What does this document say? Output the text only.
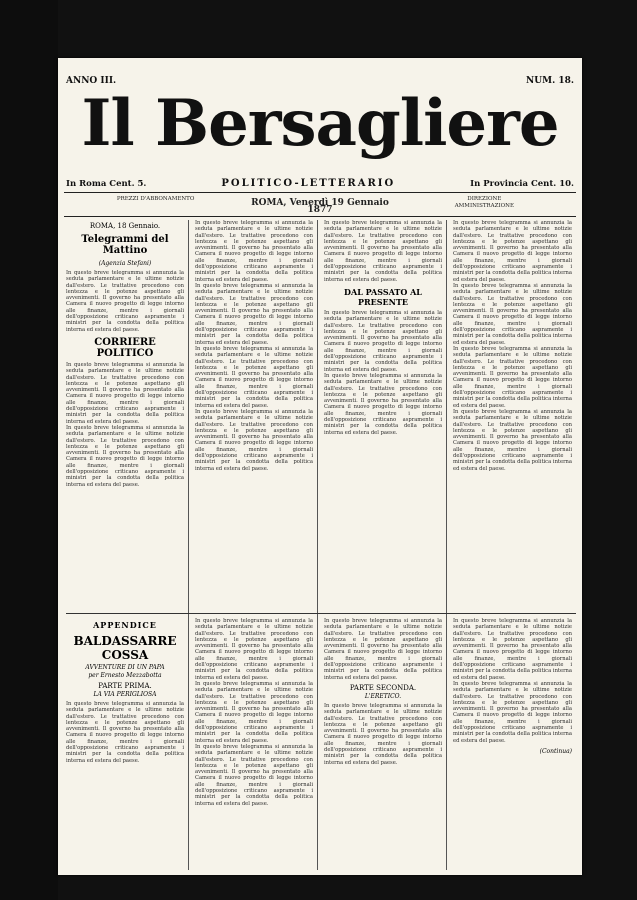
ANNO III.	NUM. 18.
Il Bersagliere
In Roma Cent. 5.	POLITICO-LETTERARIO	In Provincia Cent. 10.
PREZZI D'ABBONAMENTO	ROMA, Venerdì 19 Gennaio 1877
DIREZIONE
AMMINISTRAZIONE
ROMA, 18 Gennaio.
Telegrammi del Mattino
(Agenzia Stefani)

In questo breve telegramma si annunzia la seduta parlamentare e le ultime notizie dall'estero. Le trattative procedono con lentezza e le potenze aspettano gli avvenimenti. Il governo ha presentato alla Camera il nuovo progetto di legge intorno alle finanze, mentre i giornali dell'opposizione criticano aspramente i ministri per la condotta della politica interna ed estera del paese.

CORRIERE POLITICO

In questo breve telegramma si annunzia la seduta parlamentare e le ultime notizie dall'estero. Le trattative procedono con lentezza e le potenze aspettano gli avvenimenti. Il governo ha presentato alla Camera il nuovo progetto di legge intorno alle finanze, mentre i giornali dell'opposizione criticano aspramente i ministri per la condotta della politica interna ed estera del paese.

In questo breve telegramma si annunzia la seduta parlamentare e le ultime notizie dall'estero. Le trattative procedono con lentezza e le potenze aspettano gli avvenimenti. Il governo ha presentato alla Camera il nuovo progetto di legge intorno alle finanze, mentre i giornali dell'opposizione criticano aspramente i ministri per la condotta della politica interna ed estera del paese.

In questo breve telegramma si annunzia la seduta parlamentare e le ultime notizie dall'estero. Le trattative procedono con lentezza e le potenze aspettano gli avvenimenti. Il governo ha presentato alla Camera il nuovo progetto di legge intorno alle finanze, mentre i giornali dell'opposizione criticano aspramente i ministri per la condotta della politica interna ed estera del paese.

In questo breve telegramma si annunzia la seduta parlamentare e le ultime notizie dall'estero. Le trattative procedono con lentezza e le potenze aspettano gli avvenimenti. Il governo ha presentato alla Camera il nuovo progetto di legge intorno alle finanze, mentre i giornali dell'opposizione criticano aspramente i ministri per la condotta della politica interna ed estera del paese.

In questo breve telegramma si annunzia la seduta parlamentare e le ultime notizie dall'estero. Le trattative procedono con lentezza e le potenze aspettano gli avvenimenti. Il governo ha presentato alla Camera il nuovo progetto di legge intorno alle finanze, mentre i giornali dell'opposizione criticano aspramente i ministri per la condotta della politica interna ed estera del paese.

In questo breve telegramma si annunzia la seduta parlamentare e le ultime notizie dall'estero. Le trattative procedono con lentezza e le potenze aspettano gli avvenimenti. Il governo ha presentato alla Camera il nuovo progetto di legge intorno alle finanze, mentre i giornali dell'opposizione criticano aspramente i ministri per la condotta della politica interna ed estera del paese.

In questo breve telegramma si annunzia la seduta parlamentare e le ultime notizie dall'estero. Le trattative procedono con lentezza e le potenze aspettano gli avvenimenti. Il governo ha presentato alla Camera il nuovo progetto di legge intorno alle finanze, mentre i giornali dell'opposizione criticano aspramente i ministri per la condotta della politica interna ed estera del paese.

DAL PASSATO AL PRESENTE

In questo breve telegramma si annunzia la seduta parlamentare e le ultime notizie dall'estero. Le trattative procedono con lentezza e le potenze aspettano gli avvenimenti. Il governo ha presentato alla Camera il nuovo progetto di legge intorno alle finanze, mentre i giornali dell'opposizione criticano aspramente i ministri per la condotta della politica interna ed estera del paese.

In questo breve telegramma si annunzia la seduta parlamentare e le ultime notizie dall'estero. Le trattative procedono con lentezza e le potenze aspettano gli avvenimenti. Il governo ha presentato alla Camera il nuovo progetto di legge intorno alle finanze, mentre i giornali dell'opposizione criticano aspramente i ministri per la condotta della politica interna ed estera del paese.

In questo breve telegramma si annunzia la seduta parlamentare e le ultime notizie dall'estero. Le trattative procedono con lentezza e le potenze aspettano gli avvenimenti. Il governo ha presentato alla Camera il nuovo progetto di legge intorno alle finanze, mentre i giornali dell'opposizione criticano aspramente i ministri per la condotta della politica interna ed estera del paese.

In questo breve telegramma si annunzia la seduta parlamentare e le ultime notizie dall'estero. Le trattative procedono con lentezza e le potenze aspettano gli avvenimenti. Il governo ha presentato alla Camera il nuovo progetto di legge intorno alle finanze, mentre i giornali dell'opposizione criticano aspramente i ministri per la condotta della politica interna ed estera del paese.

In questo breve telegramma si annunzia la seduta parlamentare e le ultime notizie dall'estero. Le trattative procedono con lentezza e le potenze aspettano gli avvenimenti. Il governo ha presentato alla Camera il nuovo progetto di legge intorno alle finanze, mentre i giornali dell'opposizione criticano aspramente i ministri per la condotta della politica interna ed estera del paese.

In questo breve telegramma si annunzia la seduta parlamentare e le ultime notizie dall'estero. Le trattative procedono con lentezza e le potenze aspettano gli avvenimenti. Il governo ha presentato alla Camera il nuovo progetto di legge intorno alle finanze, mentre i giornali dell'opposizione criticano aspramente i ministri per la condotta della politica interna ed estera del paese.

APPENDICE
BALDASSARRE COSSA
AVVENTURE DI UN PAPA
per Ernesto Mezzabotta
PARTE PRIMA.
LA VIA PERIGLIOSA

In questo breve telegramma si annunzia la seduta parlamentare e le ultime notizie dall'estero. Le trattative procedono con lentezza e le potenze aspettano gli avvenimenti. Il governo ha presentato alla Camera il nuovo progetto di legge intorno alle finanze, mentre i giornali dell'opposizione criticano aspramente i ministri per la condotta della politica interna ed estera del paese.

In questo breve telegramma si annunzia la seduta parlamentare e le ultime notizie dall'estero. Le trattative procedono con lentezza e le potenze aspettano gli avvenimenti. Il governo ha presentato alla Camera il nuovo progetto di legge intorno alle finanze, mentre i giornali dell'opposizione criticano aspramente i ministri per la condotta della politica interna ed estera del paese.

In questo breve telegramma si annunzia la seduta parlamentare e le ultime notizie dall'estero. Le trattative procedono con lentezza e le potenze aspettano gli avvenimenti. Il governo ha presentato alla Camera il nuovo progetto di legge intorno alle finanze, mentre i giornali dell'opposizione criticano aspramente i ministri per la condotta della politica interna ed estera del paese.

In questo breve telegramma si annunzia la seduta parlamentare e le ultime notizie dall'estero. Le trattative procedono con lentezza e le potenze aspettano gli avvenimenti. Il governo ha presentato alla Camera il nuovo progetto di legge intorno alle finanze, mentre i giornali dell'opposizione criticano aspramente i ministri per la condotta della politica interna ed estera del paese.

In questo breve telegramma si annunzia la seduta parlamentare e le ultime notizie dall'estero. Le trattative procedono con lentezza e le potenze aspettano gli avvenimenti. Il governo ha presentato alla Camera il nuovo progetto di legge intorno alle finanze, mentre i giornali dell'opposizione criticano aspramente i ministri per la condotta della politica interna ed estera del paese.

PARTE SECONDA.
L'ERETICO.

In questo breve telegramma si annunzia la seduta parlamentare e le ultime notizie dall'estero. Le trattative procedono con lentezza e le potenze aspettano gli avvenimenti. Il governo ha presentato alla Camera il nuovo progetto di legge intorno alle finanze, mentre i giornali dell'opposizione criticano aspramente i ministri per la condotta della politica interna ed estera del paese.

In questo breve telegramma si annunzia la seduta parlamentare e le ultime notizie dall'estero. Le trattative procedono con lentezza e le potenze aspettano gli avvenimenti. Il governo ha presentato alla Camera il nuovo progetto di legge intorno alle finanze, mentre i giornali dell'opposizione criticano aspramente i ministri per la condotta della politica interna ed estera del paese.

In questo breve telegramma si annunzia la seduta parlamentare e le ultime notizie dall'estero. Le trattative procedono con lentezza e le potenze aspettano gli avvenimenti. Il governo ha presentato alla Camera il nuovo progetto di legge intorno alle finanze, mentre i giornali dell'opposizione criticano aspramente i ministri per la condotta della politica interna ed estera del paese.

(Continua)
